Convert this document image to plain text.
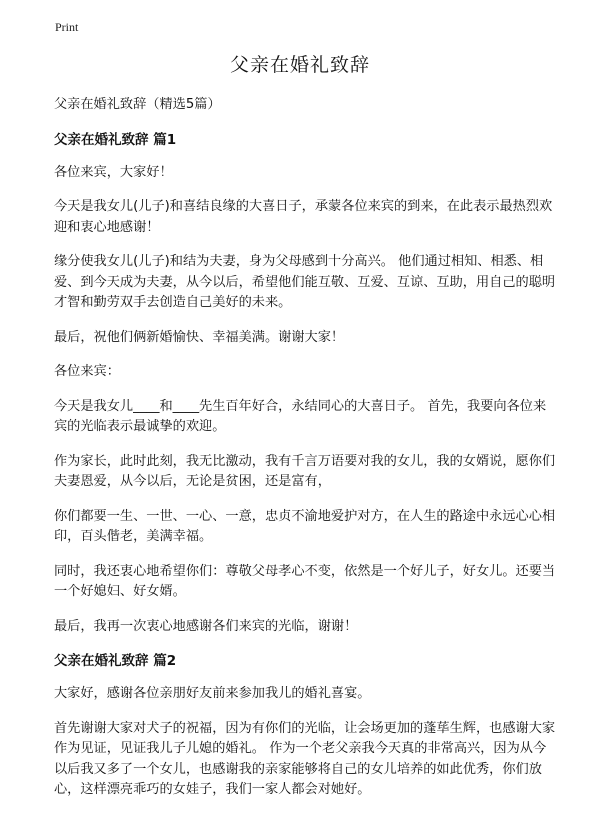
Print
父亲在婚礼致辞

父亲在婚礼致辞（精选5篇）

父亲在婚礼致辞 篇1

各位来宾，大家好！

今天是我女儿(儿子)和喜结良缘的大喜日子，承蒙各位来宾的到来，在此表示最热烈欢迎和衷心地感谢！

缘分使我女儿(儿子)和结为夫妻，身为父母感到十分高兴。 他们通过相知、相悉、相爱、到今天成为夫妻，从今以后，希望他们能互敬、互爱、互谅、互助，用自己的聪明才智和勤劳双手去创造自己美好的未来。

最后，祝他们俩新婚愉快、幸福美满。谢谢大家！

各位来宾：

今天是我女儿____和____先生百年好合，永结同心的大喜日子。 首先，我要向各位来宾的光临表示最诚挚的欢迎。

作为家长，此时此刻，我无比激动，我有千言万语要对我的女儿，我的女婿说，愿你们夫妻恩爱，从今以后，无论是贫困，还是富有，

你们都要一生、一世、一心、一意，忠贞不渝地爱护对方，在人生的路途中永远心心相印，百头偕老，美满幸福。

同时，我还衷心地希望你们：尊敬父母孝心不变，依然是一个好儿子，好女儿。还要当一个好媳妇、好女婿。

最后，我再一次衷心地感谢各们来宾的光临，谢谢！

父亲在婚礼致辞 篇2

大家好，感谢各位亲朋好友前来参加我儿的婚礼喜宴。

首先谢谢大家对犬子的祝福，因为有你们的光临，让会场更加的蓬荜生辉，也感谢大家作为见证，见证我儿子儿媳的婚礼。 作为一个老父亲我今天真的非常高兴，因为从今以后我又多了一个女儿，也感谢我的亲家能够将自己的女儿培养的如此优秀，你们放心，这样漂亮乖巧的女娃子，我们一家人都会对她好。
